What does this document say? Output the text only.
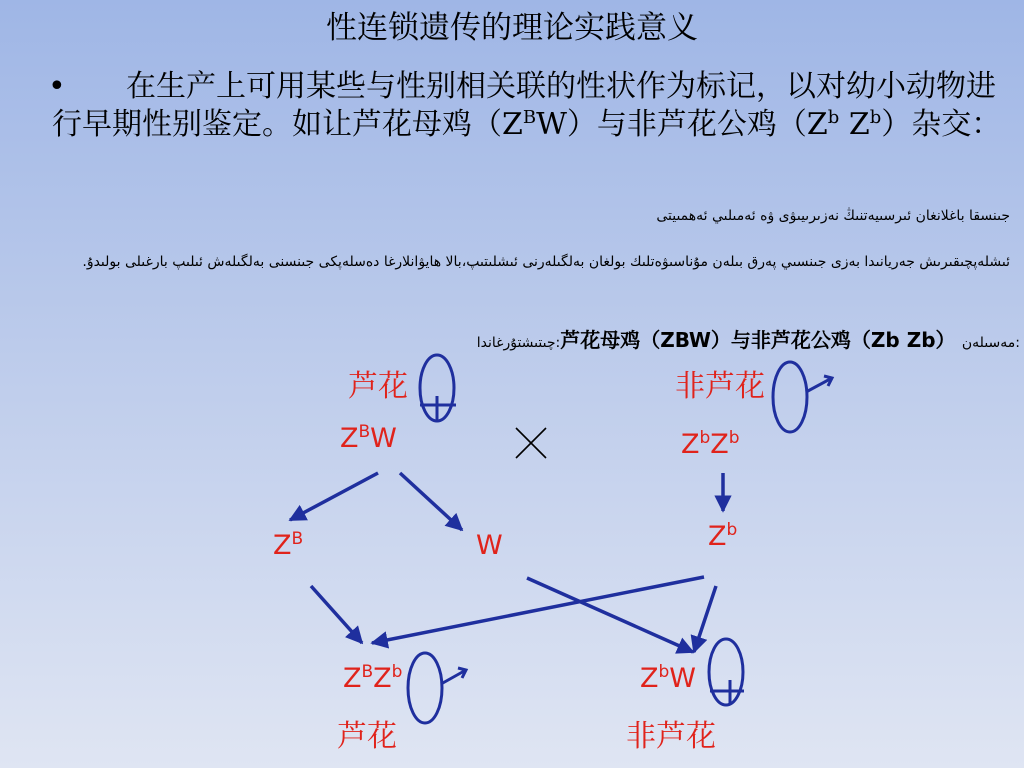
性连锁遗传的理论实践意义
•	在生产上可用某些与性别相关联的性状作为标记，以对幼小动物进行早期性别鉴定。如让芦花母鸡$(Z^BW)$与非芦花公鸡（$Z^b$ $Z^b$）杂交：
جىنسقا باغلانغان ئىرسىيەتنىڭ نەزىرىيىۋى ۋە ئەمىلىي ئەھمىيتى
ئىشلەپچىقىرىش جەريانىدا بەزى جىنسىي پەرق بىلەن مۇناسىۋەتلىك بولغان بەلگىلەرنى ئىشلىتىپ،بالا ھايۋانلارغا دەسلەپكى جىنسنى بەلگىلەش ئىلىپ بارغىلى بولىدۇ.
چىتىشتۇرغاندا:芦花母鸡（ZBW）与非芦花公鸡（Zb Zb） مەسىلەن:
芦花	非芦花
$Z^BW$	$Z^bZ^b$
$Z^B$	W	$Z^b$
$Z^BZ^b$	$Z^bW$
芦花	非芦花
